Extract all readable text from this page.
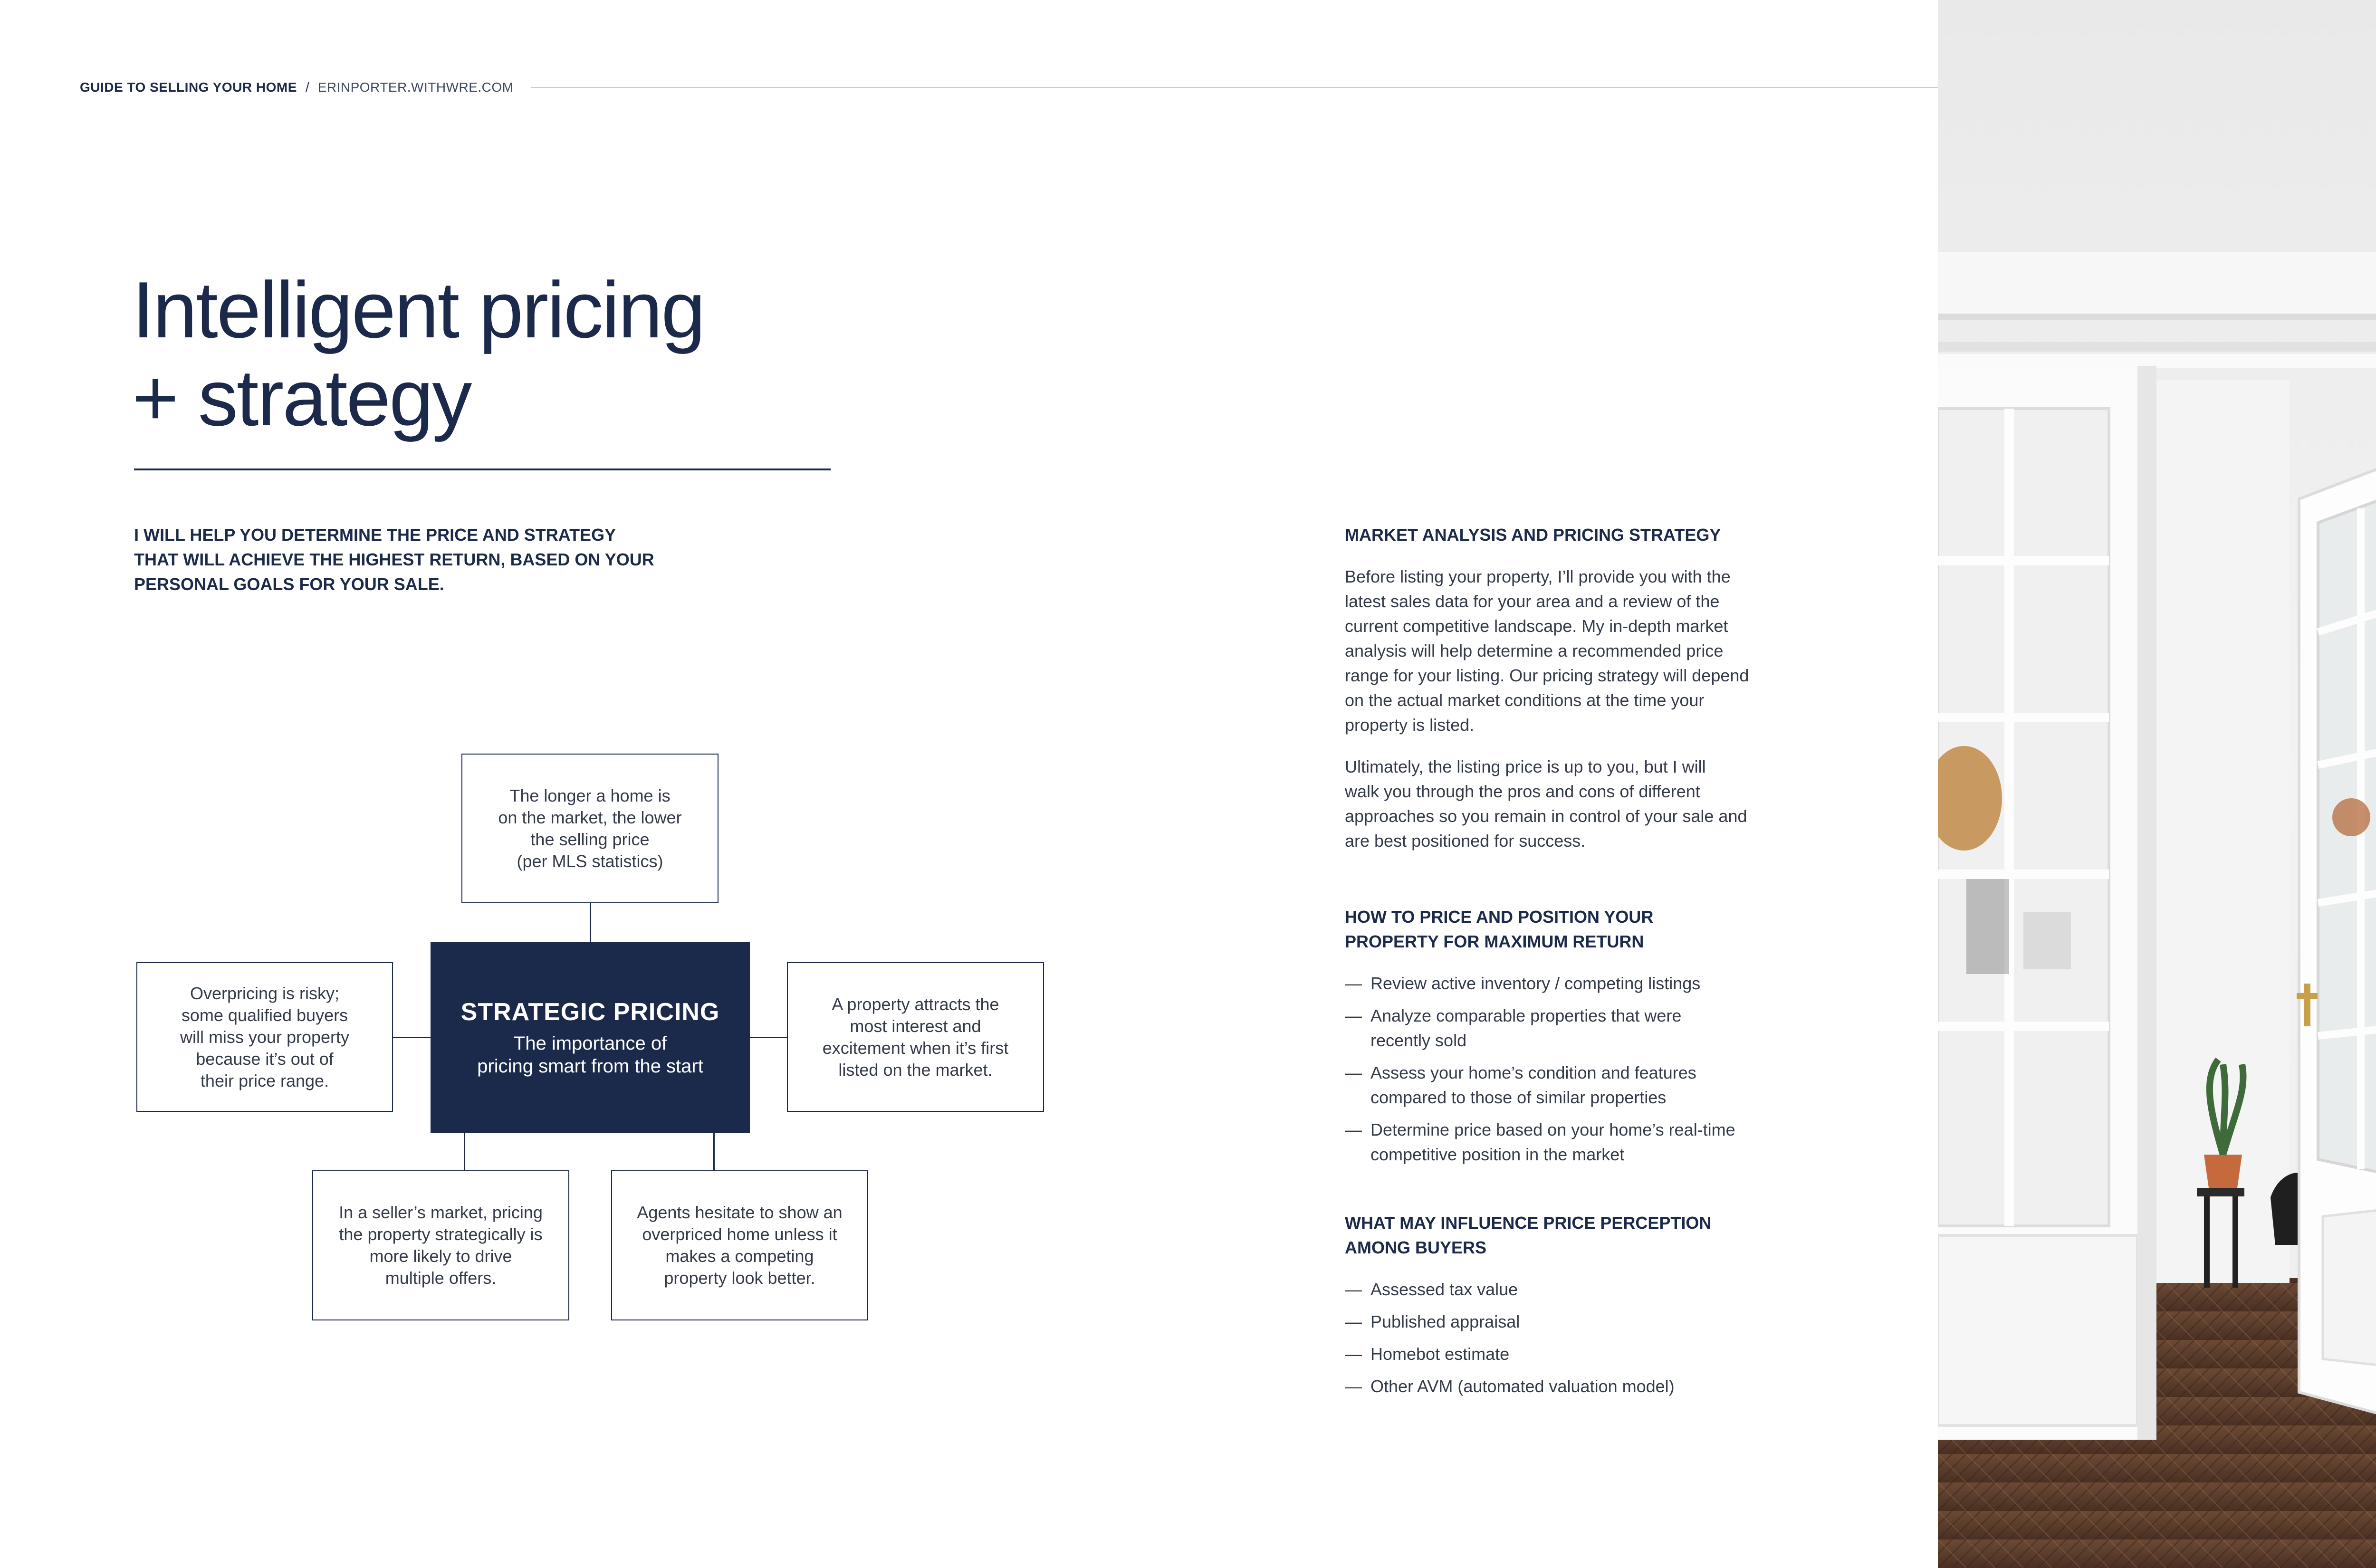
GUIDE TO SELLING YOUR HOME / ERINPORTER.WITHWRE.COM
Intelligent pricing
+ strategy
I WILL HELP YOU DETERMINE THE PRICE AND STRATEGY
THAT WILL ACHIEVE THE HIGHEST RETURN, BASED ON YOUR
PERSONAL GOALS FOR YOUR SALE.
The longer a home is
on the market, the lower
the selling price
(per MLS statistics)
Overpricing is risky;
some qualified buyers
will miss your property
because it’s out of
their price range.
STRATEGIC PRICING
The importance of
pricing smart from the start
A property attracts the
most interest and
excitement when it’s first
listed on the market.
In a seller’s market, pricing
the property strategically is
more likely to drive
multiple offers.
Agents hesitate to show an
overpriced home unless it
makes a competing
property look better.
MARKET ANALYSIS AND PRICING STRATEGY
Before listing your property, I’ll provide you with the
latest sales data for your area and a review of the
current competitive landscape. My in-depth market
analysis will help determine a recommended price
range for your listing. Our pricing strategy will depend
on the actual market conditions at the time your
property is listed.
Ultimately, the listing price is up to you, but I will
walk you through the pros and cons of different
approaches so you remain in control of your sale and
are best positioned for success.
HOW TO PRICE AND POSITION YOUR
PROPERTY FOR MAXIMUM RETURN
— Review active inventory / competing listings
— Analyze comparable properties that were
recently sold
— Assess your home’s condition and features
compared to those of similar properties
— Determine price based on your home’s real-time
competitive position in the market
WHAT MAY INFLUENCE PRICE PERCEPTION
AMONG BUYERS
— Assessed tax value
— Published appraisal
— Homebot estimate
— Other AVM (automated valuation model)
